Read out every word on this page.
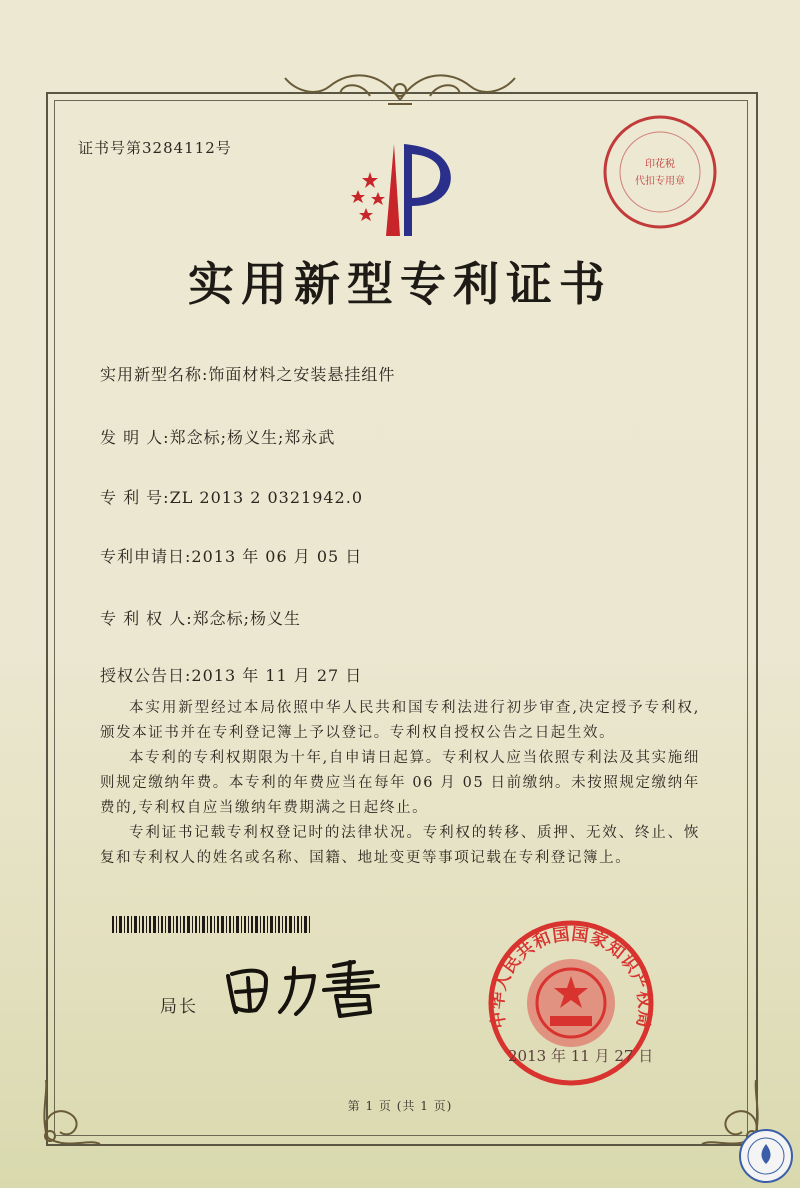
证书号第3284112号
印花税
代扣专用章
实用新型专利证书
实用新型名称:饰面材料之安装悬挂组件
发 明 人:郑念标;杨义生;郑永武
专 利 号:ZL 2013 2 0321942.0
专利申请日:2013 年 06 月 05 日
专 利 权 人:郑念标;杨义生
授权公告日:2013 年 11 月 27 日
本实用新型经过本局依照中华人民共和国专利法进行初步审查,决定授予专利权,颁发本证书并在专利登记簿上予以登记。专利权自授权公告之日起生效。
本专利的专利权期限为十年,自申请日起算。专利权人应当依照专利法及其实施细则规定缴纳年费。本专利的年费应当在每年 06 月 05 日前缴纳。未按照规定缴纳年费的,专利权自应当缴纳年费期满之日起终止。
专利证书记载专利权登记时的法律状况。专利权的转移、质押、无效、终止、恢复和专利权人的姓名或名称、国籍、地址变更等事项记载在专利登记簿上。
局长
中华人民共和国国家知识产权局
2013 年 11 月 27 日
第 1 页 (共 1 页)
